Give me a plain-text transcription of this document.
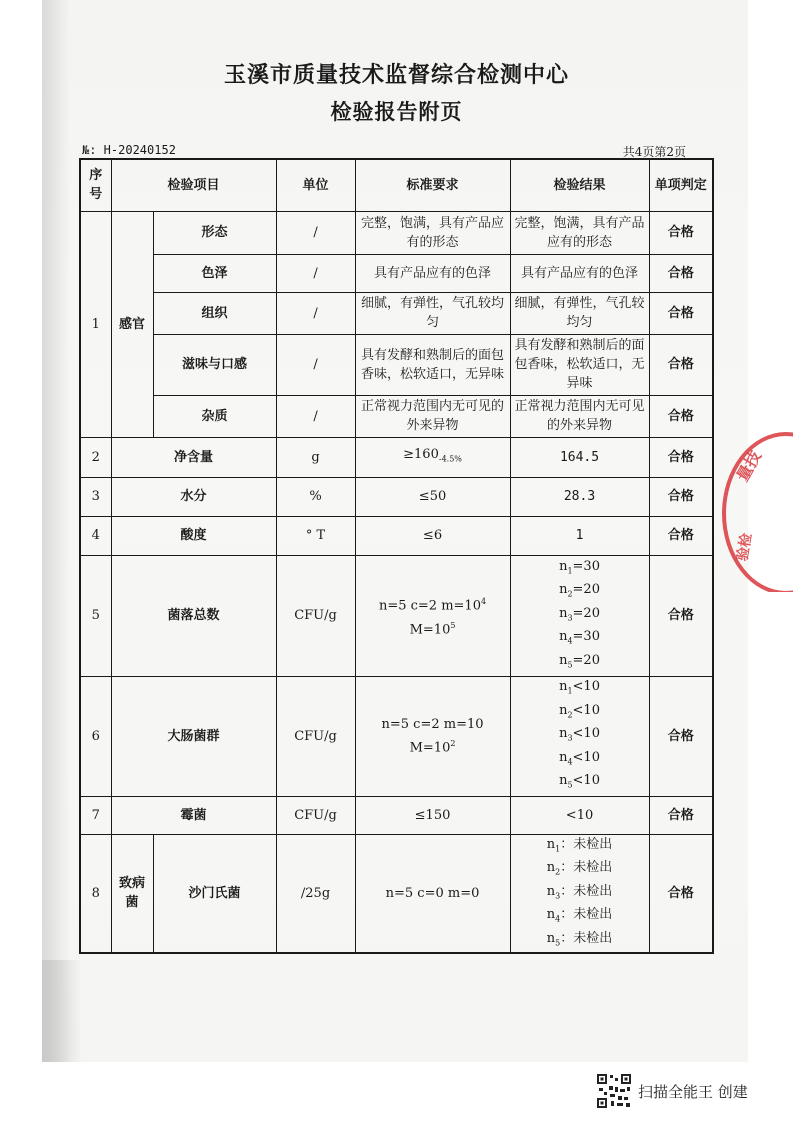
玉溪市质量技术监督综合检测中心
检验报告附页
№: H-20240152	共4页第2页
序号	检验项目		单位	标准要求	检验结果	单项判定
1	感官	形态	/	完整，饱满，具有产品应有的形态	完整，饱满，具有产品应有的形态	合格
		色泽	/	具有产品应有的色泽	具有产品应有的色泽	合格
		组织	/	细腻，有弹性，气孔较均匀	细腻，有弹性，气孔较均匀	合格
		滋味与口感	/	具有发酵和熟制后的面包香味，松软适口，无异味	具有发酵和熟制后的面包香味，松软适口，无异味	合格
		杂质	/	正常视力范围内无可见的外来异物	正常视力范围内无可见的外来异物	合格
2	净含量		g	$\ge 160_{-4.5\%}$	164.5	合格
3	水分		%	≤50	28.3	合格
4	酸度		° T	≤6	1	合格
5	菌落总数		CFU/g	n=5 c=2 $m=10^4$ $M=10^5$	$n_1=30$
$n_2=20$
$n_3=20$
$n_4=30$
$n_5=20$	合格
6	大肠菌群		CFU/g	n=5 c=2 m=10 $M=10^2$	$n_1<10$
$n_2<10$
$n_3<10$
$n_4<10$
$n_5<10$	合格
7	霉菌		CFU/g	≤150	<10	合格
8	致病菌	沙门氏菌	/25g	n=5 c=0 m=0	$n_1$：未检出
$n_2$：未检出
$n_3$：未检出
$n_4$：未检出
$n_5$：未检出	合格
量技
验检
扫描全能王 创建
